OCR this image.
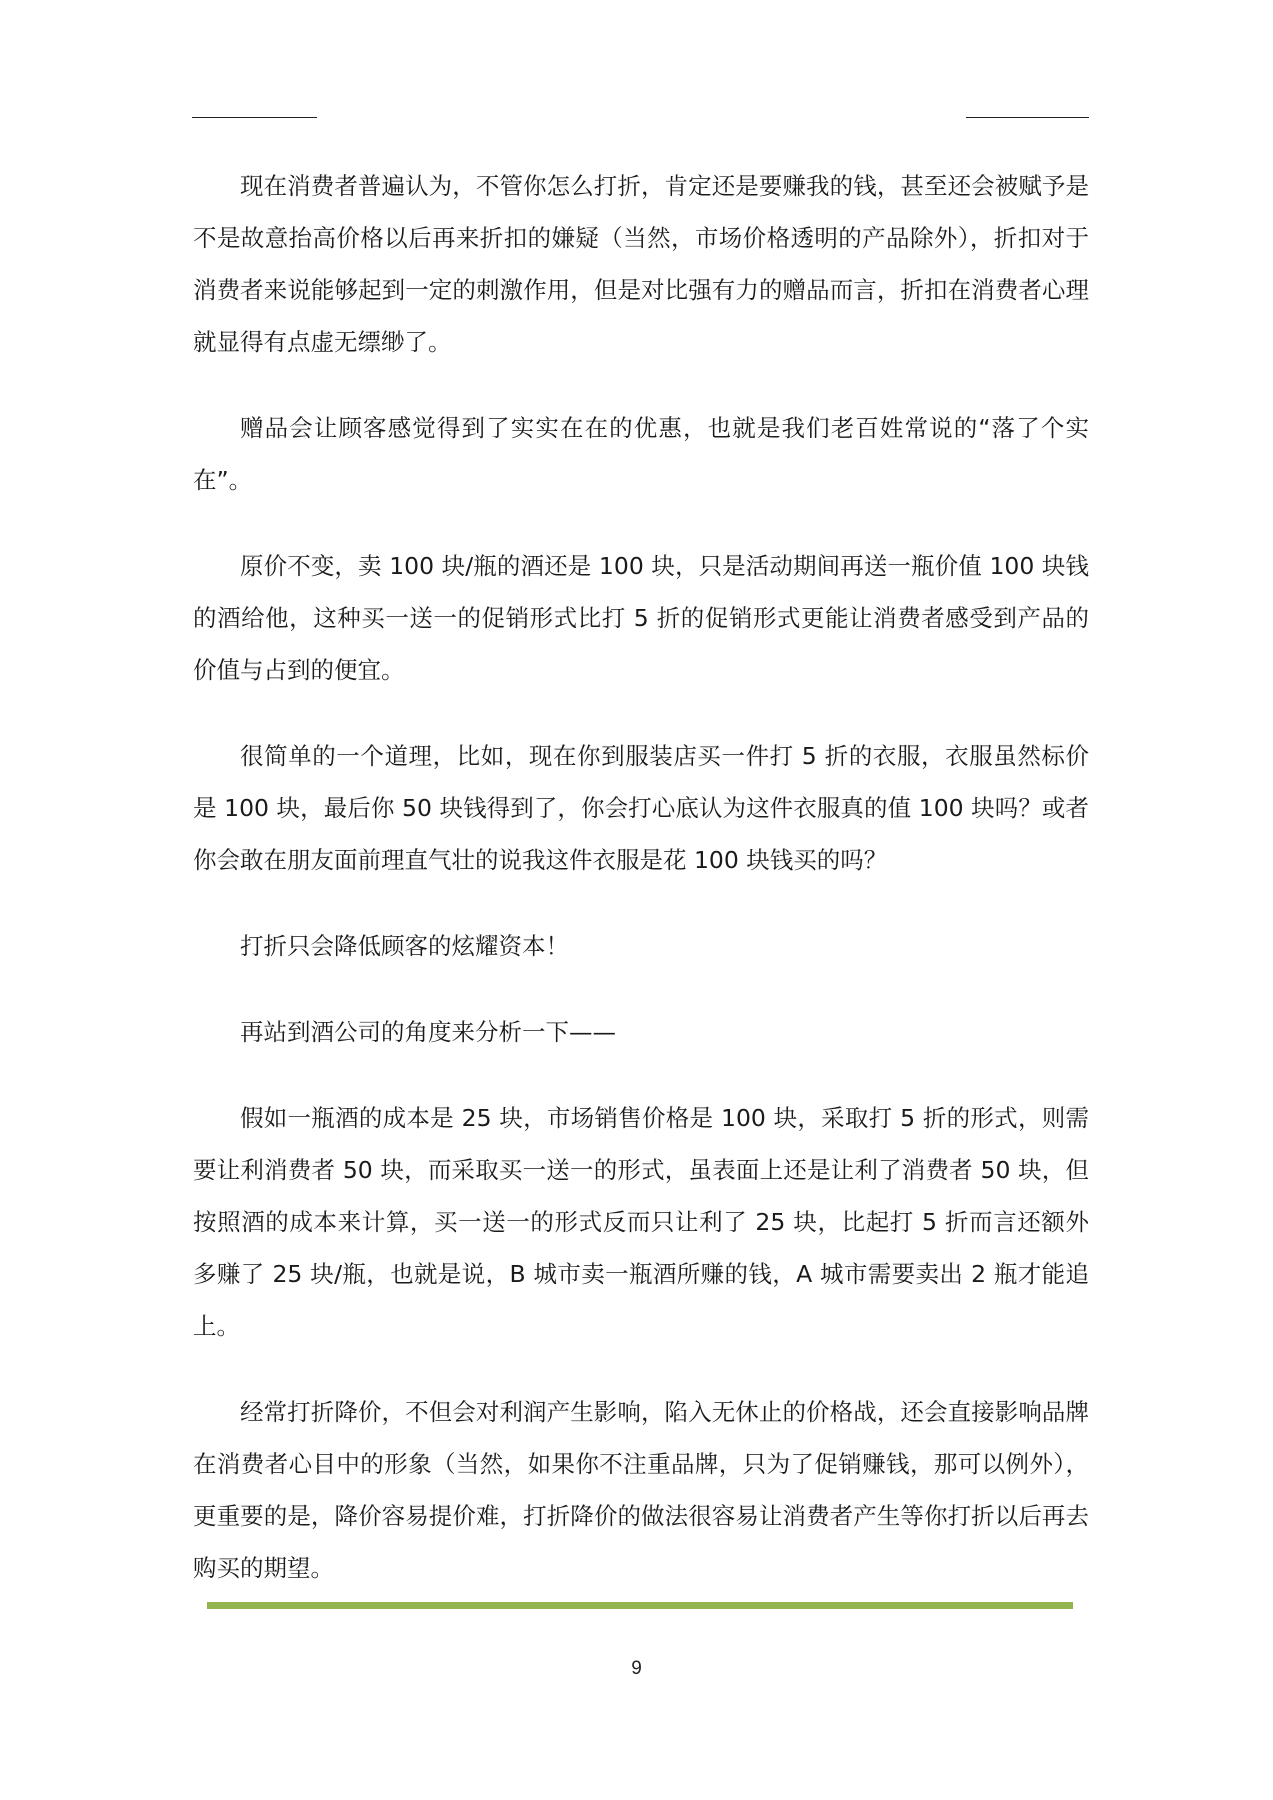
现在消费者普遍认为，不管你怎么打折，肯定还是要赚我的钱，甚至还会被赋予是不是故意抬高价格以后再来折扣的嫌疑（当然，市场价格透明的产品除外），折扣对于消费者来说能够起到一定的刺激作用，但是对比强有力的赠品而言，折扣在消费者心理就显得有点虚无缥缈了。

赠品会让顾客感觉得到了实实在在的优惠，也就是我们老百姓常说的“落了个实在”。

原价不变，卖 100 块/瓶的酒还是 100 块，只是活动期间再送一瓶价值 100 块钱的酒给他，这种买一送一的促销形式比打 5 折的促销形式更能让消费者感受到产品的价值与占到的便宜。

很简单的一个道理，比如，现在你到服装店买一件打 5 折的衣服，衣服虽然标价是 100 块，最后你 50 块钱得到了，你会打心底认为这件衣服真的值 100 块吗？或者你会敢在朋友面前理直气壮的说我这件衣服是花 100 块钱买的吗？

打折只会降低顾客的炫耀资本！

再站到酒公司的角度来分析一下——

假如一瓶酒的成本是 25 块，市场销售价格是 100 块，采取打 5 折的形式，则需要让利消费者 50 块，而采取买一送一的形式，虽表面上还是让利了消费者 50 块，但按照酒的成本来计算，买一送一的形式反而只让利了 25 块，比起打 5 折而言还额外多赚了 25 块/瓶，也就是说，B 城市卖一瓶酒所赚的钱，A 城市需要卖出 2 瓶才能追上。

经常打折降价，不但会对利润产生影响，陷入无休止的价格战，还会直接影响品牌在消费者心目中的形象（当然，如果你不注重品牌，只为了促销赚钱，那可以例外），更重要的是，降价容易提价难，打折降价的做法很容易让消费者产生等你打折以后再去购买的期望。

9
